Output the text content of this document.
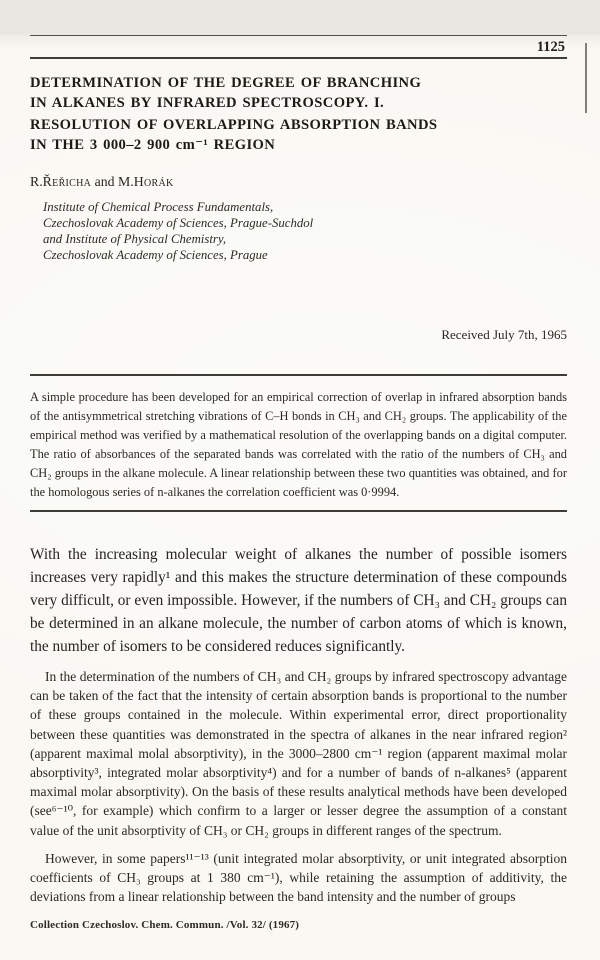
1125
DETERMINATION OF THE DEGREE OF BRANCHING
IN ALKANES BY INFRARED SPECTROSCOPY. I.
RESOLUTION OF OVERLAPPING ABSORPTION BANDS
IN THE 3 000–2 900 cm⁻¹ REGION
R.Řeřicha and M.Horák
Institute of Chemical Process Fundamentals,
Czechoslovak Academy of Sciences, Prague-Suchdol
and Institute of Physical Chemistry,
Czechoslovak Academy of Sciences, Prague
Received July 7th, 1965

A simple procedure has been developed for an empirical correction of overlap in infrared absorption bands of the antisymmetrical stretching vibrations of C–H bonds in CH₃ and CH₂ groups. The applicability of the empirical method was verified by a mathematical resolution of the overlapping bands on a digital computer. The ratio of absorbances of the separated bands was correlated with the ratio of the numbers of CH₃ and CH₂ groups in the alkane molecule. A linear relationship between these two quantities was obtained, and for the homologous series of n-alkanes the correlation coefficient was 0·9994.

With the increasing molecular weight of alkanes the number of possible isomers increases very rapidly¹ and this makes the structure determination of these compounds very difficult, or even impossible. However, if the numbers of CH₃ and CH₂ groups can be determined in an alkane molecule, the number of carbon atoms of which is known, the number of isomers to be considered reduces significantly.

In the determination of the numbers of CH₃ and CH₂ groups by infrared spectroscopy advantage can be taken of the fact that the intensity of certain absorption bands is proportional to the number of these groups contained in the molecule. Within experimental error, direct proportionality between these quantities was demonstrated in the spectra of alkanes in the near infrared region² (apparent maximal molal absorptivity), in the 3000–2800 cm⁻¹ region (apparent maximal molar absorptivity³, integrated molar absorptivity⁴) and for a number of bands of n-alkanes⁵ (apparent maximal molar absorptivity). On the basis of these results analytical methods have been developed (see⁶⁻¹⁰, for example) which confirm to a larger or lesser degree the assumption of a constant value of the unit absorptivity of CH₃ or CH₂ groups in different ranges of the spectrum.

However, in some papers¹¹⁻¹³ (unit integrated molar absorptivity, or unit integrated absorption coefficients of CH₃ groups at 1 380 cm⁻¹), while retaining the assumption of additivity, the deviations from a linear relationship between the band intensity and the number of groups

Collection Czechoslov. Chem. Commun. /Vol. 32/ (1967)
